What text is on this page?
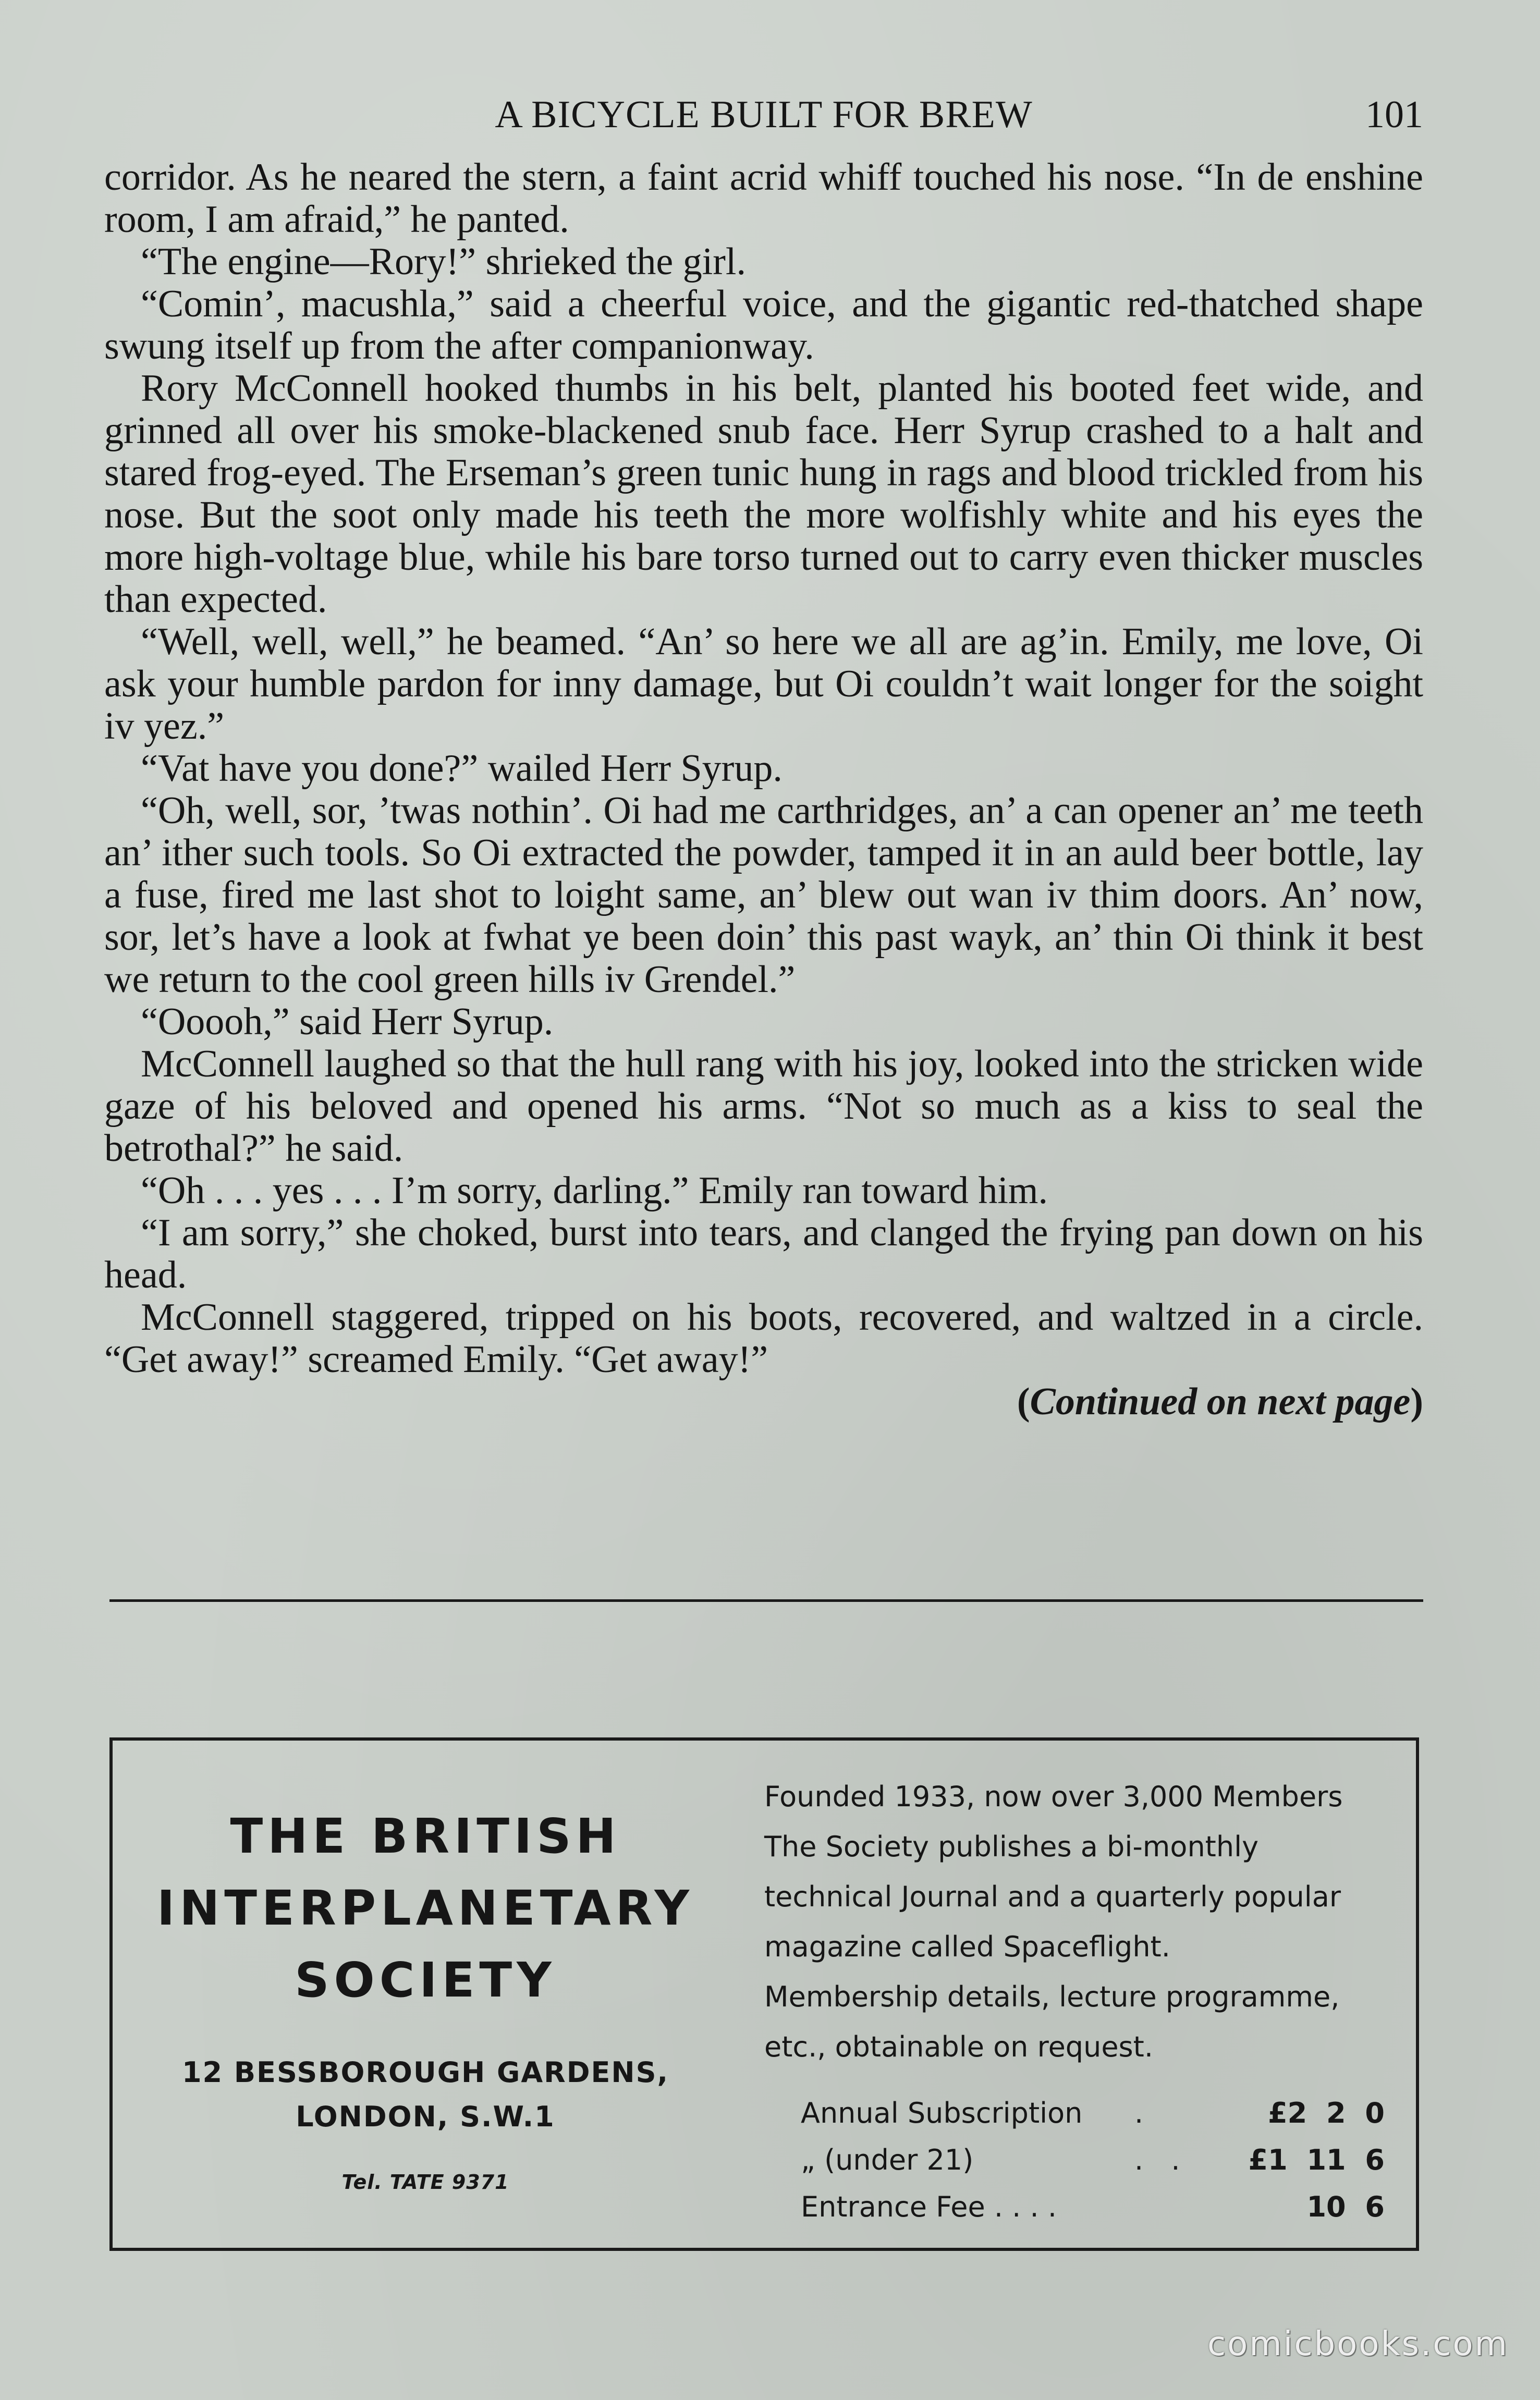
A BICYCLE BUILT FOR BREW	101

corridor. As he neared the stern, a faint acrid whiff touched his nose. “In de enshine room, I am afraid,” he panted.

“The engine—Rory!” shrieked the girl.

“Comin’, macushla,” said a cheerful voice, and the gigantic red-thatched shape swung itself up from the after companionway.

Rory McConnell hooked thumbs in his belt, planted his booted feet wide, and grinned all over his smoke-blackened snub face. Herr Syrup crashed to a halt and stared frog-eyed. The Erseman’s green tunic hung in rags and blood trickled from his nose. But the soot only made his teeth the more wolfishly white and his eyes the more high-voltage blue, while his bare torso turned out to carry even thicker muscles than expected.

“Well, well, well,” he beamed. “An’ so here we all are ag’in. Emily, me love, Oi ask your humble pardon for inny damage, but Oi couldn’t wait longer for the soight iv yez.”

“Vat have you done?” wailed Herr Syrup.

“Oh, well, sor, ’twas nothin’. Oi had me carthridges, an’ a can opener an’ me teeth an’ ither such tools. So Oi extracted the powder, tamped it in an auld beer bottle, lay a fuse, fired me last shot to loight same, an’ blew out wan iv thim doors. An’ now, sor, let’s have a look at fwhat ye been doin’ this past wayk, an’ thin Oi think it best we return to the cool green hills iv Grendel.”

“Ooooh,” said Herr Syrup.

McConnell laughed so that the hull rang with his joy, looked into the stricken wide gaze of his beloved and opened his arms. “Not so much as a kiss to seal the betrothal?” he said.

“Oh . . . yes . . . I’m sorry, darling.” Emily ran toward him.

“I am sorry,” she choked, burst into tears, and clanged the frying pan down on his head.

McConnell staggered, tripped on his boots, recovered, and waltzed in a circle. “Get away!” screamed Emily. “Get away!”

(Continued on next page)

THE BRITISH
INTERPLANETARY
SOCIETY
12 BESSBOROUGH GARDENS,
LONDON, S.W.1
Tel. TATE 9371

Founded 1933, now over 3,000 Members

The Society publishes a bi-monthly technical Journal and a quarterly popular magazine called Spaceflight.

Membership details, lecture programme, etc., obtainable on request.

Annual Subscription .	£2 2 0
„ (under 21)	. . £1 11 6
Entrance Fee . . . .	10 6
comicbooks.com
